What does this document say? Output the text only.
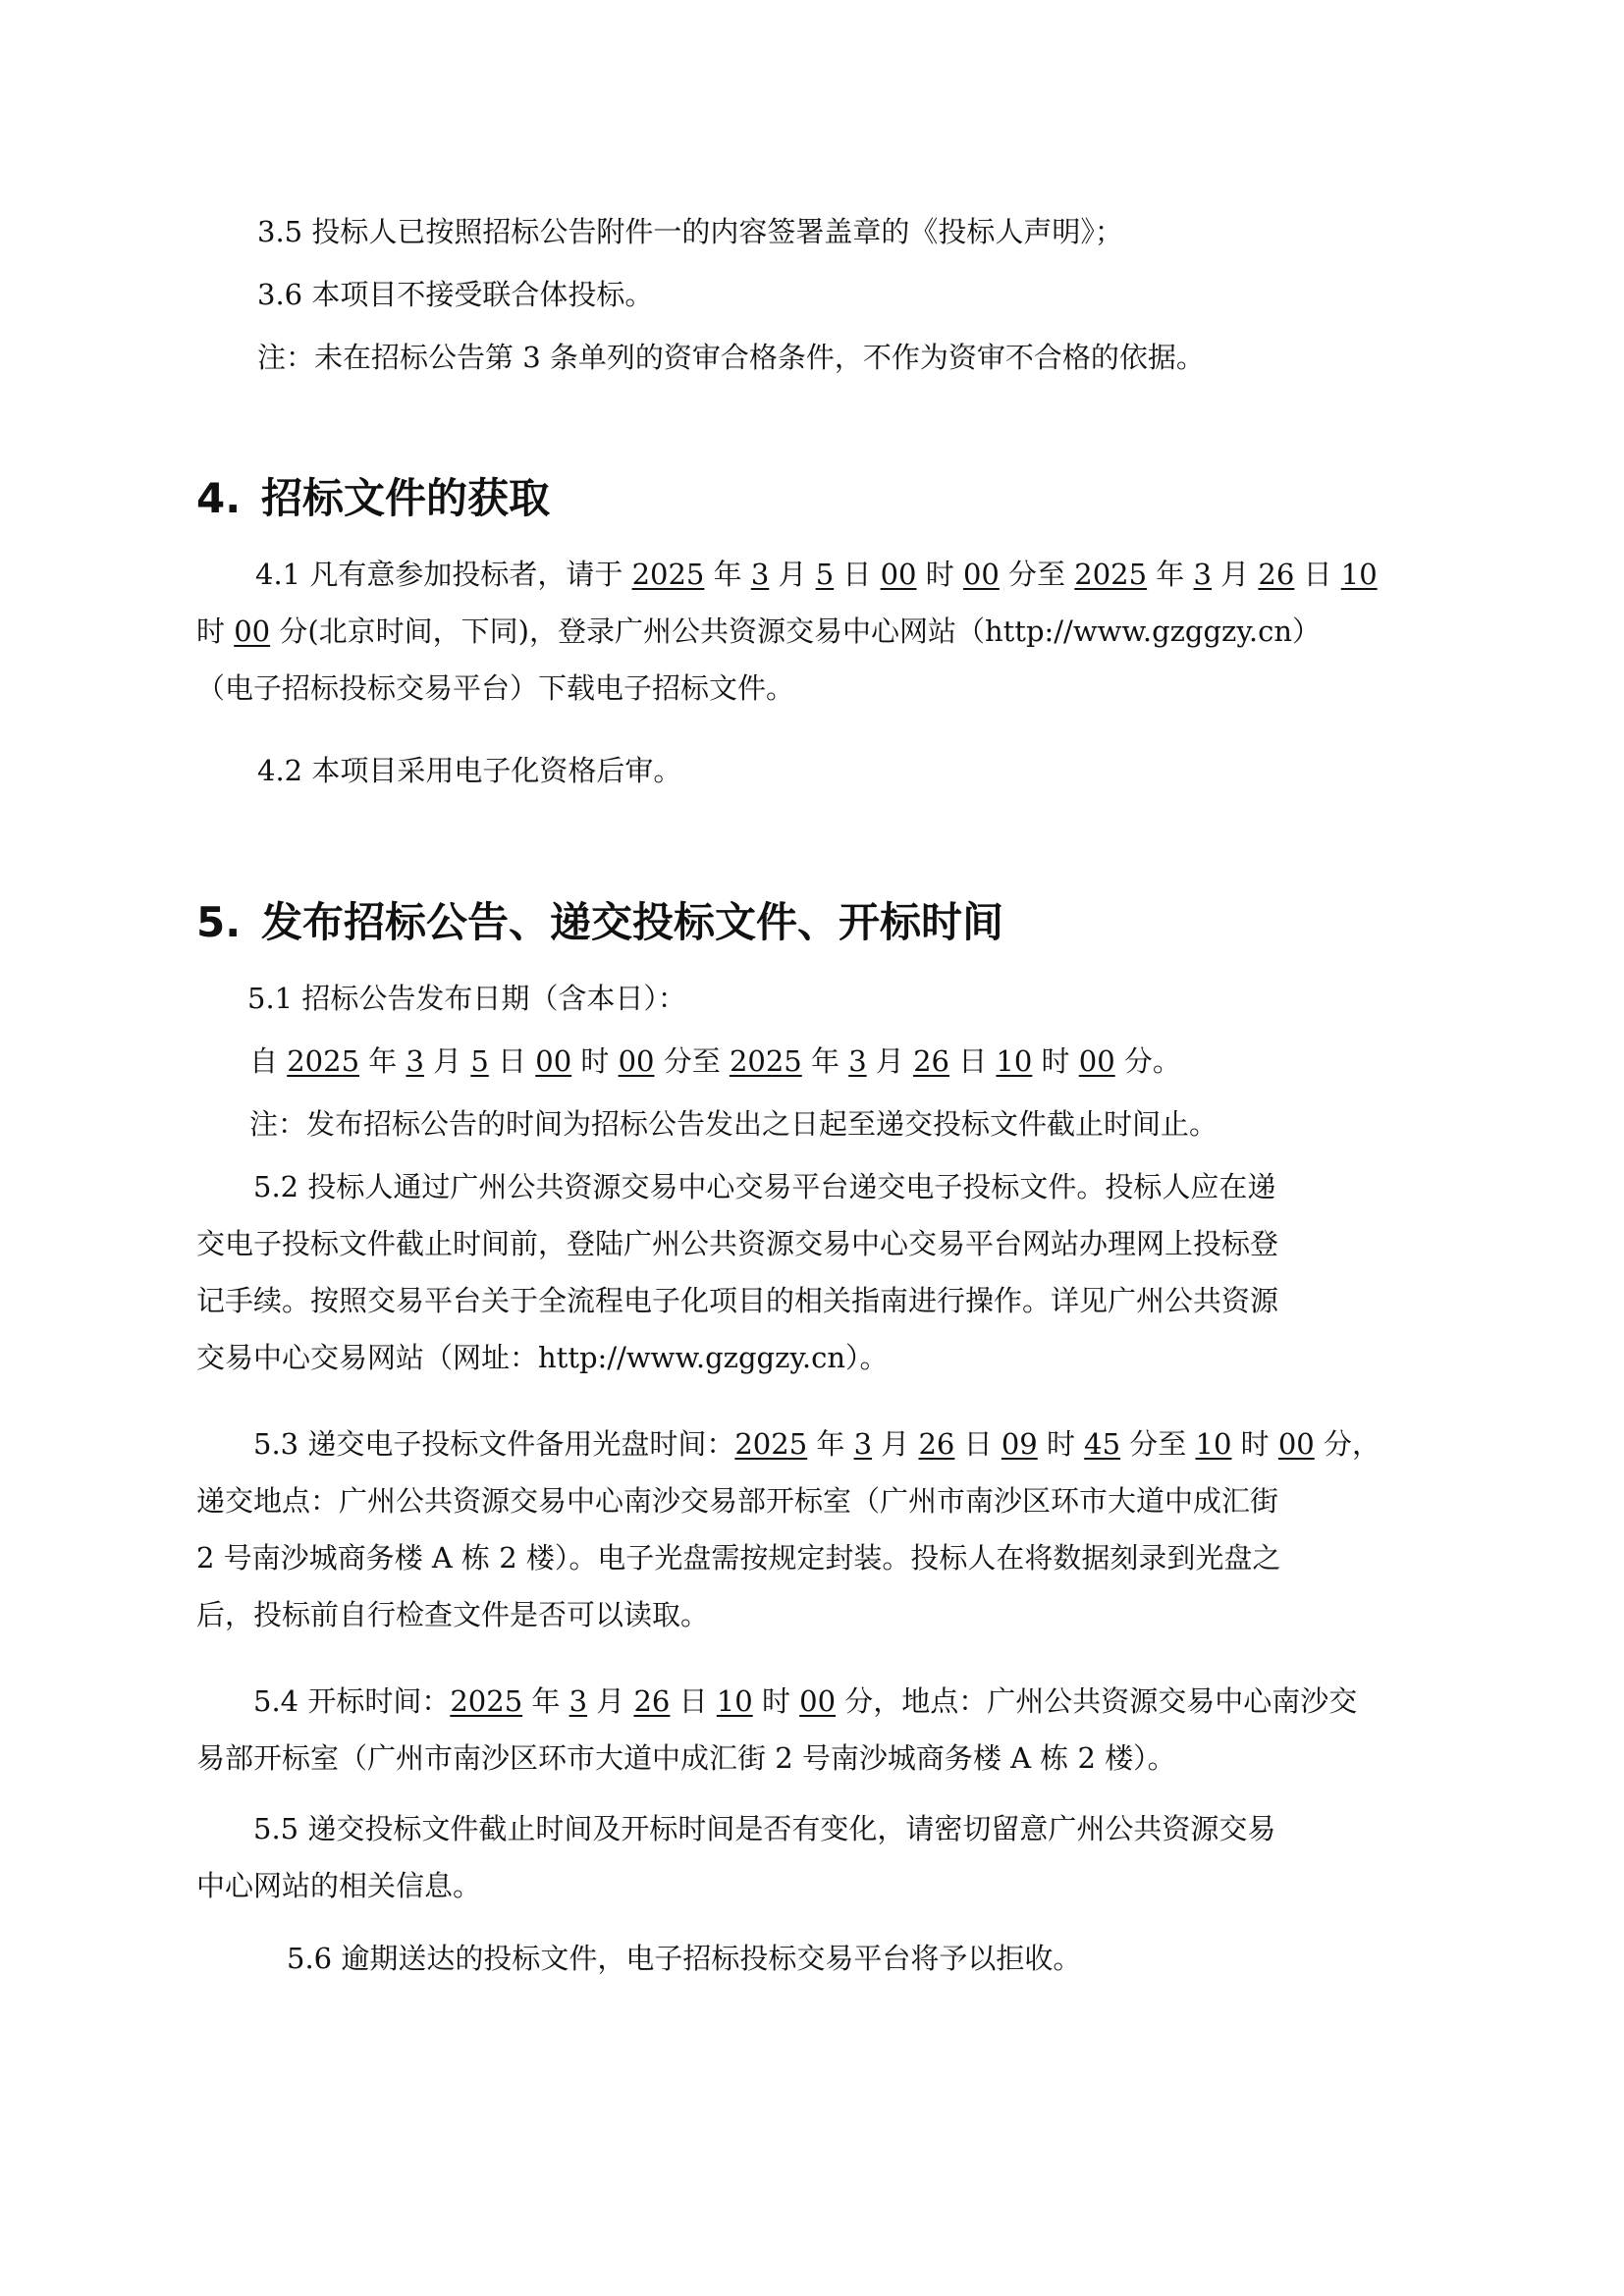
3.5 投标人已按照招标公告附件一的内容签署盖章的《投标人声明》；
3.6 本项目不接受联合体投标。
注：未在招标公告第 3 条单列的资审合格条件，不作为资审不合格的依据。
4. 招标文件的获取
4.1 凡有意参加投标者，请于 2025 年 3 月 5 日 00 时 00 分至 2025 年 3 月 26 日 10
时 00 分(北京时间，下同)，登录广州公共资源交易中心网站（http://www.gzggzy.cn）
（电子招标投标交易平台）下载电子招标文件。
4.2 本项目采用电子化资格后审。
5. 发布招标公告、递交投标文件、开标时间
5.1 招标公告发布日期（含本日）：
自 2025 年 3 月 5 日 00 时 00 分至 2025 年 3 月 26 日 10 时 00 分。
注：发布招标公告的时间为招标公告发出之日起至递交投标文件截止时间止。
5.2 投标人通过广州公共资源交易中心交易平台递交电子投标文件。投标人应在递
交电子投标文件截止时间前，登陆广州公共资源交易中心交易平台网站办理网上投标登
记手续。按照交易平台关于全流程电子化项目的相关指南进行操作。详见广州公共资源
交易中心交易网站（网址：http://www.gzggzy.cn）。
5.3 递交电子投标文件备用光盘时间：2025 年 3 月 26 日 09 时 45 分至 10 时 00 分，
递交地点：广州公共资源交易中心南沙交易部开标室（广州市南沙区环市大道中成汇街
2 号南沙城商务楼 A 栋 2 楼）。电子光盘需按规定封装。投标人在将数据刻录到光盘之
后，投标前自行检查文件是否可以读取。
5.4 开标时间：2025 年 3 月 26 日 10 时 00 分，地点：广州公共资源交易中心南沙交
易部开标室（广州市南沙区环市大道中成汇街 2 号南沙城商务楼 A 栋 2 楼）。
5.5 递交投标文件截止时间及开标时间是否有变化，请密切留意广州公共资源交易
中心网站的相关信息。
5.6 逾期送达的投标文件，电子招标投标交易平台将予以拒收。
